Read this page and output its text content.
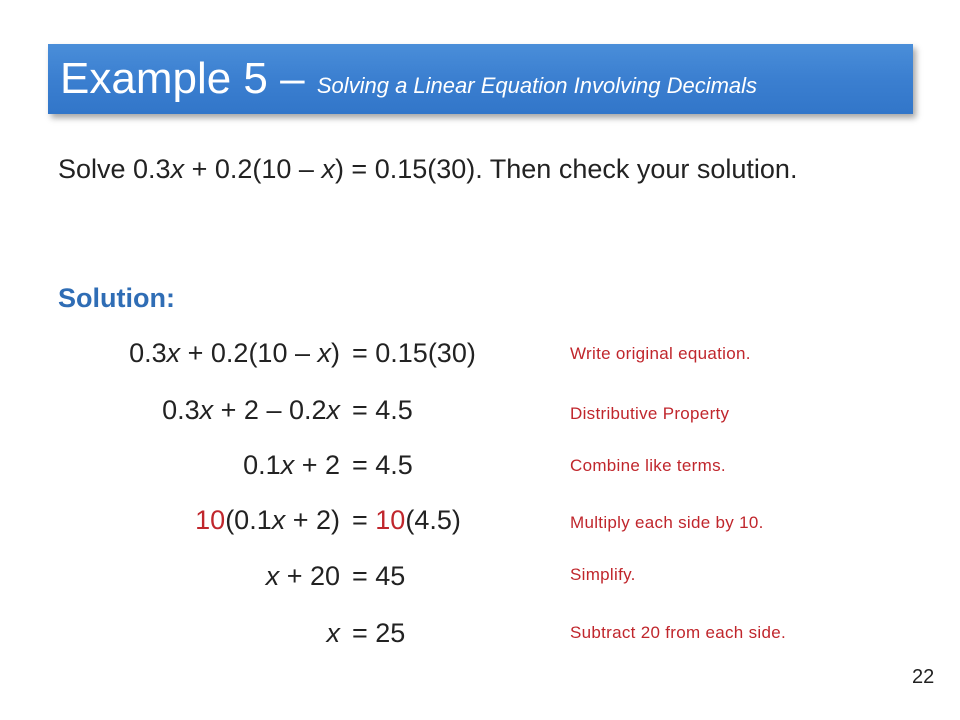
Example 5 – Solving a Linear Equation Involving Decimals
Solve 0.3x + 0.2(10 – x) = 0.15(30). Then check your solution.
Solution:
0.3x + 0.2(10 – x) = 0.15(30)	Write original equation.
0.3x + 2 – 0.2x = 4.5	Distributive Property
0.1x + 2 = 4.5	Combine like terms.
10(0.1x + 2) = 10(4.5)	Multiply each side by 10.
x + 20 = 45	Simplify.
x = 25	Subtract 20 from each side.
22
